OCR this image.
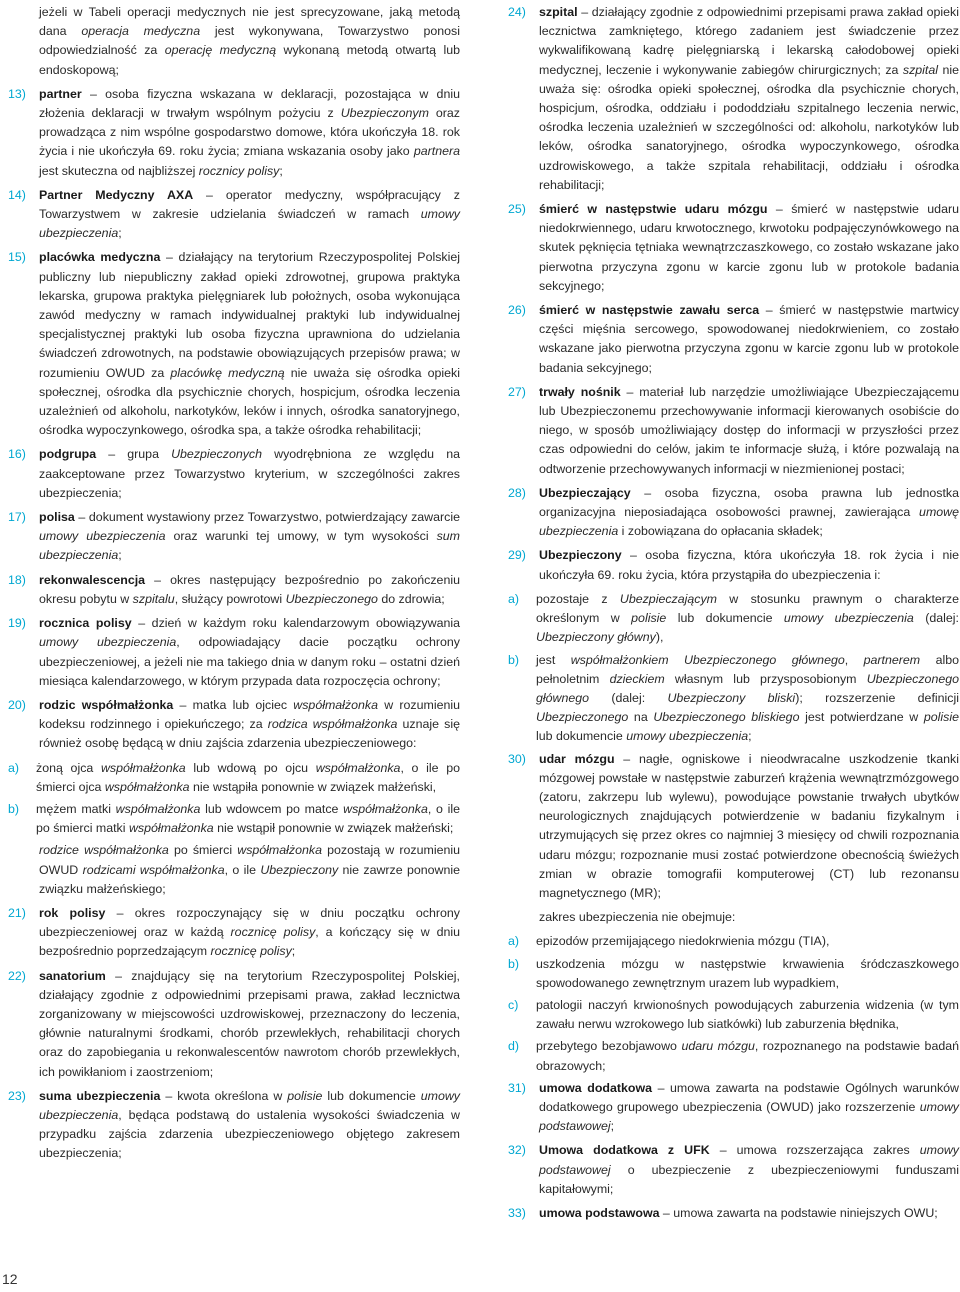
jeżeli w Tabeli operacji medycznych nie jest sprecyzowane, jaką metodą dana operacja medyczna jest wykonywana, Towarzystwo ponosi odpowiedzialność za operację medyczną wykonaną metodą otwartą lub endoskopową;
13) partner – osoba fizyczna wskazana w deklaracji, pozostająca w dniu złożenia deklaracji w trwałym wspólnym pożyciu z Ubezpieczonym oraz prowadząca z nim wspólne gospodarstwo domowe, która ukończyła 18. rok życia i nie ukończyła 69. roku życia; zmiana wskazania osoby jako partnera jest skuteczna od najbliższej rocznicy polisy;
14) Partner Medyczny AXA – operator medyczny, współpracujący z Towarzystwem w zakresie udzielania świadczeń w ramach umowy ubezpieczenia;
15) placówka medyczna – działający na terytorium Rzeczypospolitej Polskiej publiczny lub niepubliczny zakład opieki zdrowotnej, grupowa praktyka lekarska, grupowa praktyka pielęgniarek lub położnych, osoba wykonująca zawód medyczny w ramach indywidualnej praktyki lub indywidualnej specjalistycznej praktyki lub osoba fizyczna uprawniona do udzielania świadczeń zdrowotnych, na podstawie obowiązujących przepisów prawa; w rozumieniu OWUD za placówkę medyczną nie uważa się ośrodka opieki społecznej, ośrodka dla psychicznie chorych, hospicjum, ośrodka leczenia uzależnień od alkoholu, narkotyków, leków i innych, ośrodka sanatoryjnego, ośrodka wypoczynkowego, ośrodka spa, a także ośrodka rehabilitacji;
16) podgrupa – grupa Ubezpieczonych wyodrębniona ze względu na zaakceptowane przez Towarzystwo kryterium, w szczególności zakres ubezpieczenia;
17) polisa – dokument wystawiony przez Towarzystwo, potwierdzający zawarcie umowy ubezpieczenia oraz warunki tej umowy, w tym wysokości sum ubezpieczenia;
18) rekonwalescencja – okres następujący bezpośrednio po zakończeniu okresu pobytu w szpitalu, służący powrotowi Ubezpieczonego do zdrowia;
19) rocznica polisy – dzień w każdym roku kalendarzowym obowiązywania umowy ubezpieczenia, odpowiadający dacie początku ochrony ubezpieczeniowej, a jeżeli nie ma takiego dnia w danym roku – ostatni dzień miesiąca kalendarzowego, w którym przypada data rozpoczęcia ochrony;
20) rodzic współmałżonka – matka lub ojciec współmałżonka w rozumieniu kodeksu rodzinnego i opiekuńczego; za rodzica współmałżonka uznaje się również osobę będącą w dniu zajścia zdarzenia ubezpieczeniowego:
a) żoną ojca współmałżonka lub wdową po ojcu współmałżonka, o ile po śmierci ojca współmałżonka nie wstąpiła ponownie w związek małżeński,
b) mężem matki współmałżonka lub wdowcem po matce współmałżonka, o ile po śmierci matki współmałżonka nie wstąpił ponownie w związek małżeński;
rodzice współmałżonka po śmierci współmałżonka pozostają w rozumieniu OWUD rodzicami współmałżonka, o ile Ubezpieczony nie zawrze ponownie związku małżeńskiego;
21) rok polisy – okres rozpoczynający się w dniu początku ochrony ubezpieczeniowej oraz w każdą rocznicę polisy, a kończący się w dniu bezpośrednio poprzedzającym rocznicę polisy;
22) sanatorium – znajdujący się na terytorium Rzeczypospolitej Polskiej, działający zgodnie z odpowiednimi przepisami prawa, zakład lecznictwa zorganizowany w miejscowości uzdrowiskowej, przeznaczony do leczenia, głównie naturalnymi środkami, chorób przewlekłych, rehabilitacji chorych oraz do zapobiegania u rekonwalescentów nawrotom chorób przewlekłych, ich powikłaniom i zaostrzeniom;
23) suma ubezpieczenia – kwota określona w polisie lub dokumencie umowy ubezpieczenia, będąca podstawą do ustalenia wysokości świadczenia w przypadku zajścia zdarzenia ubezpieczeniowego objętego zakresem ubezpieczenia;
24) szpital – działający zgodnie z odpowiednimi przepisami prawa zakład opieki lecznictwa zamkniętego, którego zadaniem jest świadczenie przez wykwalifikowaną kadrę pielęgniarską i lekarską całodobowej opieki medycznej, leczenie i wykonywanie zabiegów chirurgicznych; za szpital nie uważa się: ośrodka opieki społecznej, ośrodka dla psychicznie chorych, hospicjum, ośrodka, oddziału i pododdziału szpitalnego leczenia nerwic, ośrodka leczenia uzależnień w szczególności od: alkoholu, narkotyków lub leków, ośrodka sanatoryjnego, ośrodka wypoczynkowego, ośrodka uzdrowiskowego, a także szpitala rehabilitacji, oddziału i ośrodka rehabilitacji;
25) śmierć w następstwie udaru mózgu – śmierć w następstwie udaru niedokrwiennego, udaru krwotocznego, krwotoku podpajęczynówkowego na skutek pęknięcia tętniaka wewnątrzczaszkowego, co zostało wskazane jako pierwotna przyczyna zgonu w karcie zgonu lub w protokole badania sekcyjnego;
26) śmierć w następstwie zawału serca – śmierć w następstwie martwicy części mięśnia sercowego, spowodowanej niedokrwieniem, co zostało wskazane jako pierwotna przyczyna zgonu w karcie zgonu lub w protokole badania sekcyjnego;
27) trwały nośnik – materiał lub narzędzie umożliwiające Ubezpieczającemu lub Ubezpieczonemu przechowywanie informacji kierowanych osobiście do niego, w sposób umożliwiający dostęp do informacji w przyszłości przez czas odpowiedni do celów, jakim te informacje służą, i które pozwalają na odtworzenie przechowywanych informacji w niezmienionej postaci;
28) Ubezpieczający – osoba fizyczna, osoba prawna lub jednostka organizacyjna nieposiadająca osobowości prawnej, zawierająca umowę ubezpieczenia i zobowiązana do opłacania składek;
29) Ubezpieczony – osoba fizyczna, która ukończyła 18. rok życia i nie ukończyła 69. roku życia, która przystąpiła do ubezpieczenia i:
a) pozostaje z Ubezpieczającym w stosunku prawnym o charakterze określonym w polisie lub dokumencie umowy ubezpieczenia (dalej: Ubezpieczony główny),
b) jest współmałżonkiem Ubezpieczonego głównego, partnerem albo pełnoletnim dzieckiem własnym lub przysposobionym Ubezpieczonego głównego (dalej: Ubezpieczony bliski); rozszerzenie definicji Ubezpieczonego na Ubezpieczonego bliskiego jest potwierdzane w polisie lub dokumencie umowy ubezpieczenia;
30) udar mózgu – nagłe, ogniskowe i nieodwracalne uszkodzenie tkanki mózgowej powstałe w następstwie zaburzeń krążenia wewnątrzmózgowego (zatoru, zakrzepu lub wylewu), powodujące powstanie trwałych ubytków neurologicznych znajdujących potwierdzenie w badaniu fizykalnym i utrzymujących się przez okres co najmniej 3 miesięcy od chwili rozpoznania udaru mózgu; rozpoznanie musi zostać potwierdzone obecnością świeżych zmian w obrazie tomografii komputerowej (CT) lub rezonansu magnetycznego (MR);
zakres ubezpieczenia nie obejmuje:
a) epizodów przemijającego niedokrwienia mózgu (TIA),
b) uszkodzenia mózgu w następstwie krwawienia śródczaszkowego spowodowanego zewnętrznym urazem lub wypadkiem,
c) patologii naczyń krwionośnych powodujących zaburzenia widzenia (w tym zawału nerwu wzrokowego lub siatkówki) lub zaburzenia błędnika,
d) przebytego bezobjawowo udaru mózgu, rozpoznanego na podstawie badań obrazowych;
31) umowa dodatkowa – umowa zawarta na podstawie Ogólnych warunków dodatkowego grupowego ubezpieczenia (OWUD) jako rozszerzenie umowy podstawowej;
32) Umowa dodatkowa z UFK – umowa rozszerzająca zakres umowy podstawowej o ubezpieczenie z ubezpieczeniowymi funduszami kapitałowymi;
33) umowa podstawowa – umowa zawarta na podstawie niniejszych OWU;
12
